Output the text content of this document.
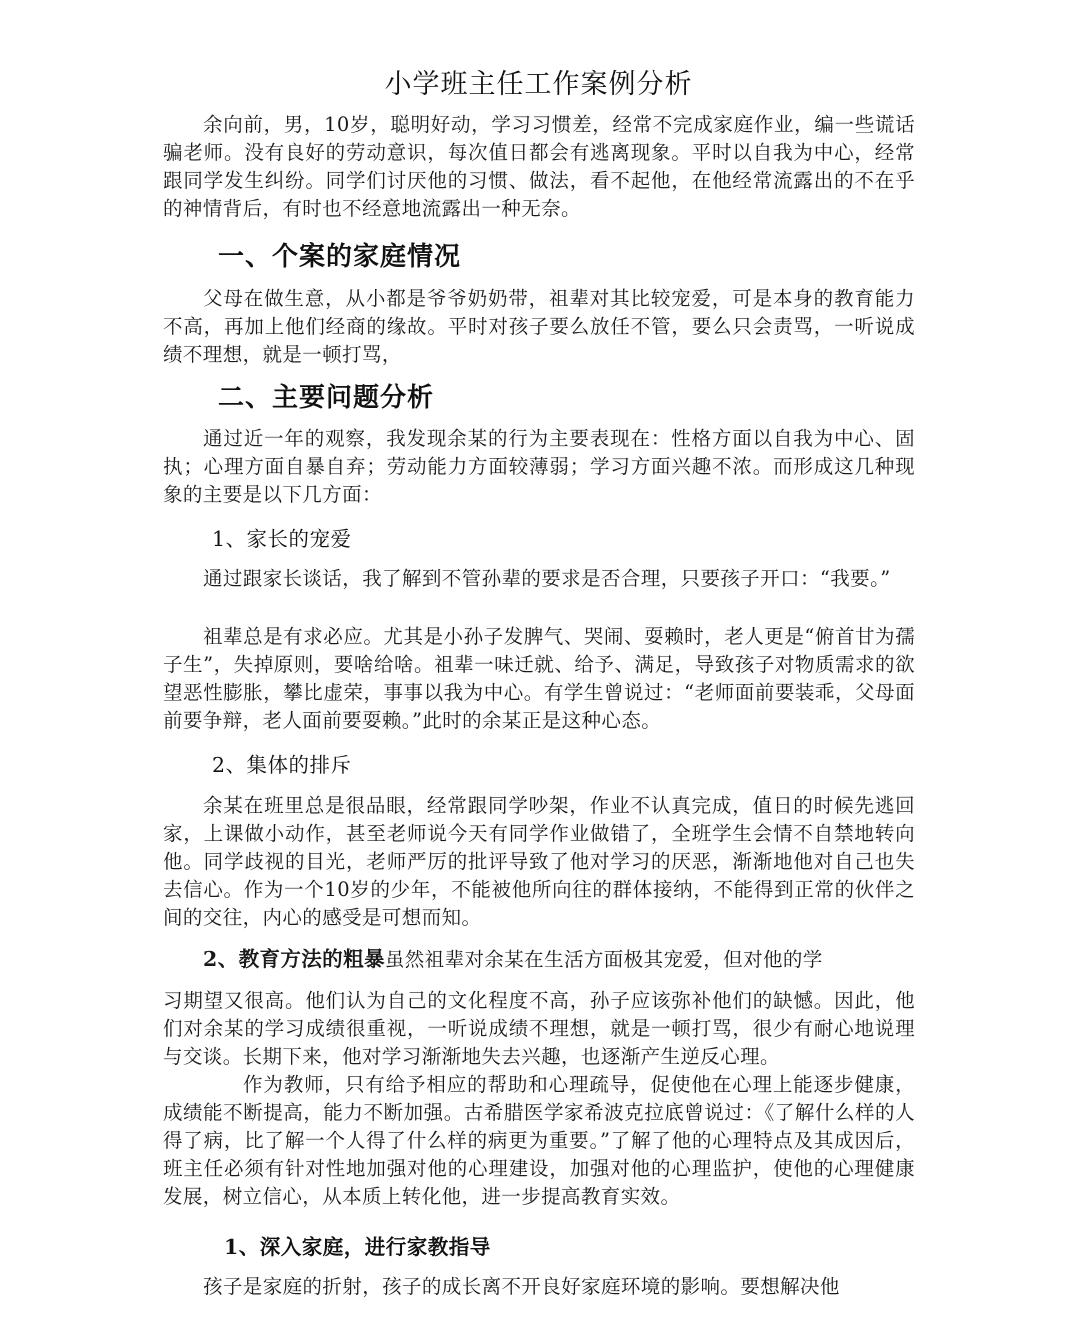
小学班主任工作案例分析

余向前，男，10岁，聪明好动，学习习惯差，经常不完成家庭作业，编一些谎话骗老师。没有良好的劳动意识，每次值日都会有逃离现象。平时以自我为中心，经常跟同学发生纠纷。同学们讨厌他的习惯、做法，看不起他，在他经常流露出的不在乎的神情背后，有时也不经意地流露出一种无奈。

一、个案的家庭情况

父母在做生意，从小都是爷爷奶奶带，祖辈对其比较宠爱，可是本身的教育能力不高，再加上他们经商的缘故。平时对孩子要么放任不管，要么只会责骂，一听说成绩不理想，就是一顿打骂，

二、主要问题分析

通过近一年的观察，我发现余某的行为主要表现在：性格方面以自我为中心、固执；心理方面自暴自弃；劳动能力方面较薄弱；学习方面兴趣不浓。而形成这几种现象的主要是以下几方面：

1、家长的宠爱

通过跟家长谈话，我了解到不管孙辈的要求是否合理，只要孩子开口：“我要。”

祖辈总是有求必应。尤其是小孙子发脾气、哭闹、耍赖时，老人更是“俯首甘为孺子生”，失掉原则，要啥给啥。祖辈一味迁就、给予、满足，导致孩子对物质需求的欲望恶性膨胀，攀比虚荣，事事以我为中心。有学生曾说过：“老师面前要装乖，父母面前要争辩，老人面前要耍赖。”此时的余某正是这种心态。

2、集体的排斥

余某在班里总是很品眼，经常跟同学吵架，作业不认真完成，值日的时候先逃回家，上课做小动作，甚至老师说今天有同学作业做错了，全班学生会情不自禁地转向他。同学歧视的目光，老师严厉的批评导致了他对学习的厌恶，渐渐地他对自己也失去信心。作为一个10岁的少年，不能被他所向往的群体接纳，不能得到正常的伙伴之间的交往，内心的感受是可想而知。

2、教育方法的粗暴虽然祖辈对余某在生活方面极其宠爱，但对他的学

习期望又很高。他们认为自己的文化程度不高，孙子应该弥补他们的缺憾。因此，他们对余某的学习成绩很重视，一听说成绩不理想，就是一顿打骂，很少有耐心地说理与交谈。长期下来，他对学习渐渐地失去兴趣，也逐渐产生逆反心理。

作为教师，只有给予相应的帮助和心理疏导，促使他在心理上能逐步健康，成绩能不断提高，能力不断加强。古希腊医学家希波克拉底曾说过：《了解什么样的人得了病，比了解一个人得了什么样的病更为重要。”了解了他的心理特点及其成因后，班主任必须有针对性地加强对他的心理建设，加强对他的心理监护，使他的心理健康发展，树立信心，从本质上转化他，进一步提高教育实效。

1、深入家庭，进行家教指导

孩子是家庭的折射，孩子的成长离不开良好家庭环境的影响。要想解决他
